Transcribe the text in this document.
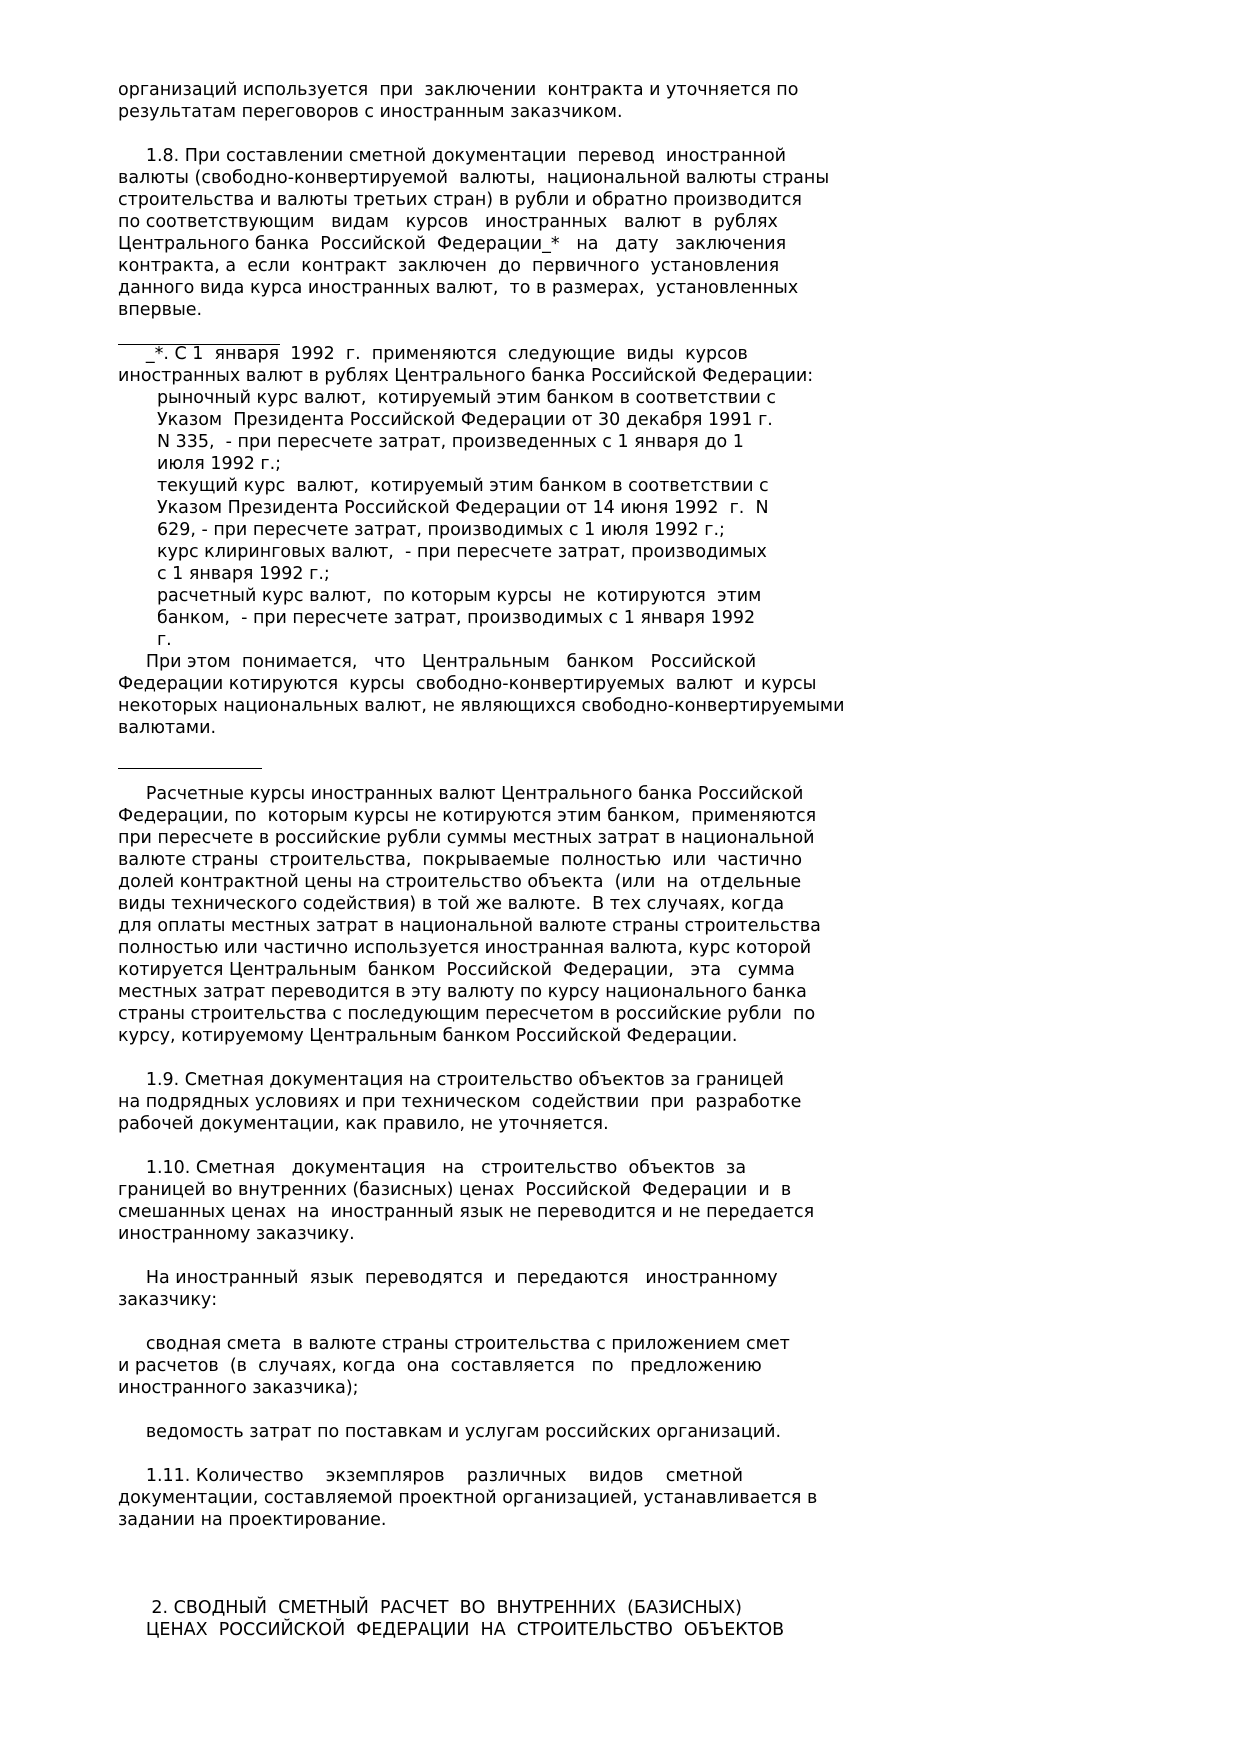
организаций используется  при  заключении  контракта и уточняется по
результатам переговоров с иностранным заказчиком.
1.8. При составлении сметной документации  перевод  иностранной
валюты (свободно-конвертируемой  валюты,  национальной валюты страны
строительства и валюты третьих стран) в рубли и обратно производится
по соответствующим   видам   курсов   иностранных   валют  в  рублях
Центрального банка  Российской  Федерации_*   на   дату   заключения
контракта, а  если  контракт  заключен  до  первичного  установления
данного вида курса иностранных валют,  то в размерах,  установленных
впервые.
_*. С 1  января  1992  г.  применяются  следующие  виды  курсов
иностранных валют в рублях Центрального банка Российской Федерации:
рыночный курс валют,  котируемый этим банком в соответствии с
Указом  Президента Российской Федерации от 30 декабря 1991 г.
N 335,  - при пересчете затрат, произведенных с 1 января до 1
июля 1992 г.;
текущий курс  валют,  котируемый этим банком в соответствии с
Указом Президента Российской Федерации от 14 июня 1992  г.  N
629, - при пересчете затрат, производимых с 1 июля 1992 г.;
курс клиринговых валют,  - при пересчете затрат, производимых
с 1 января 1992 г.;
расчетный курс валют,  по которым курсы  не  котируются  этим
банком,  - при пересчете затрат, производимых с 1 января 1992
г.
При этом  понимается,   что   Центральным   банком   Российской
Федерации котируются  курсы  свободно-конвертируемых  валют  и курсы
некоторых национальных валют, не являющихся свободно-конвертируемыми
валютами.
Расчетные курсы иностранных валют Центрального банка Российской
Федерации, по  которым курсы не котируются этим банком,  применяются
при пересчете в российские рубли суммы местных затрат в национальной
валюте страны  строительства,  покрываемые  полностью  или  частично
долей контрактной цены на строительство объекта  (или  на  отдельные
виды технического содействия) в той же валюте.  В тех случаях, когда
для оплаты местных затрат в национальной валюте страны строительства
полностью или частично используется иностранная валюта, курс которой
котируется Центральным  банком  Российской  Федерации,   эта   сумма
местных затрат переводится в эту валюту по курсу национального банка
страны строительства с последующим пересчетом в российские рубли  по
курсу, котируемому Центральным банком Российской Федерации.
1.9. Сметная документация на строительство объектов за границей
на подрядных условиях и при техническом  содействии  при  разработке
рабочей документации, как правило, не уточняется.
1.10. Сметная   документация   на   строительство  объектов  за
границей во внутренних (базисных) ценах  Российской  Федерации  и  в
смешанных ценах  на  иностранный язык не переводится и не передается
иностранному заказчику.
На иностранный  язык  переводятся  и  передаются   иностранному
заказчику:
сводная смета  в валюте страны строительства с приложением смет
и расчетов  (в  случаях, когда  она  составляется   по   предложению
иностранного заказчика);
ведомость затрат по поставкам и услугам российских организаций.
1.11. Количество    экземпляров    различных    видов    сметной
документации, составляемой проектной организацией, устанавливается в
задании на проектирование.
2. СВОДНЫЙ  СМЕТНЫЙ  РАСЧЕТ  ВО  ВНУТРЕННИХ  (БАЗИСНЫХ)
ЦЕНАХ  РОССИЙСКОЙ  ФЕДЕРАЦИИ  НА  СТРОИТЕЛЬСТВО  ОБЪЕКТОВ
